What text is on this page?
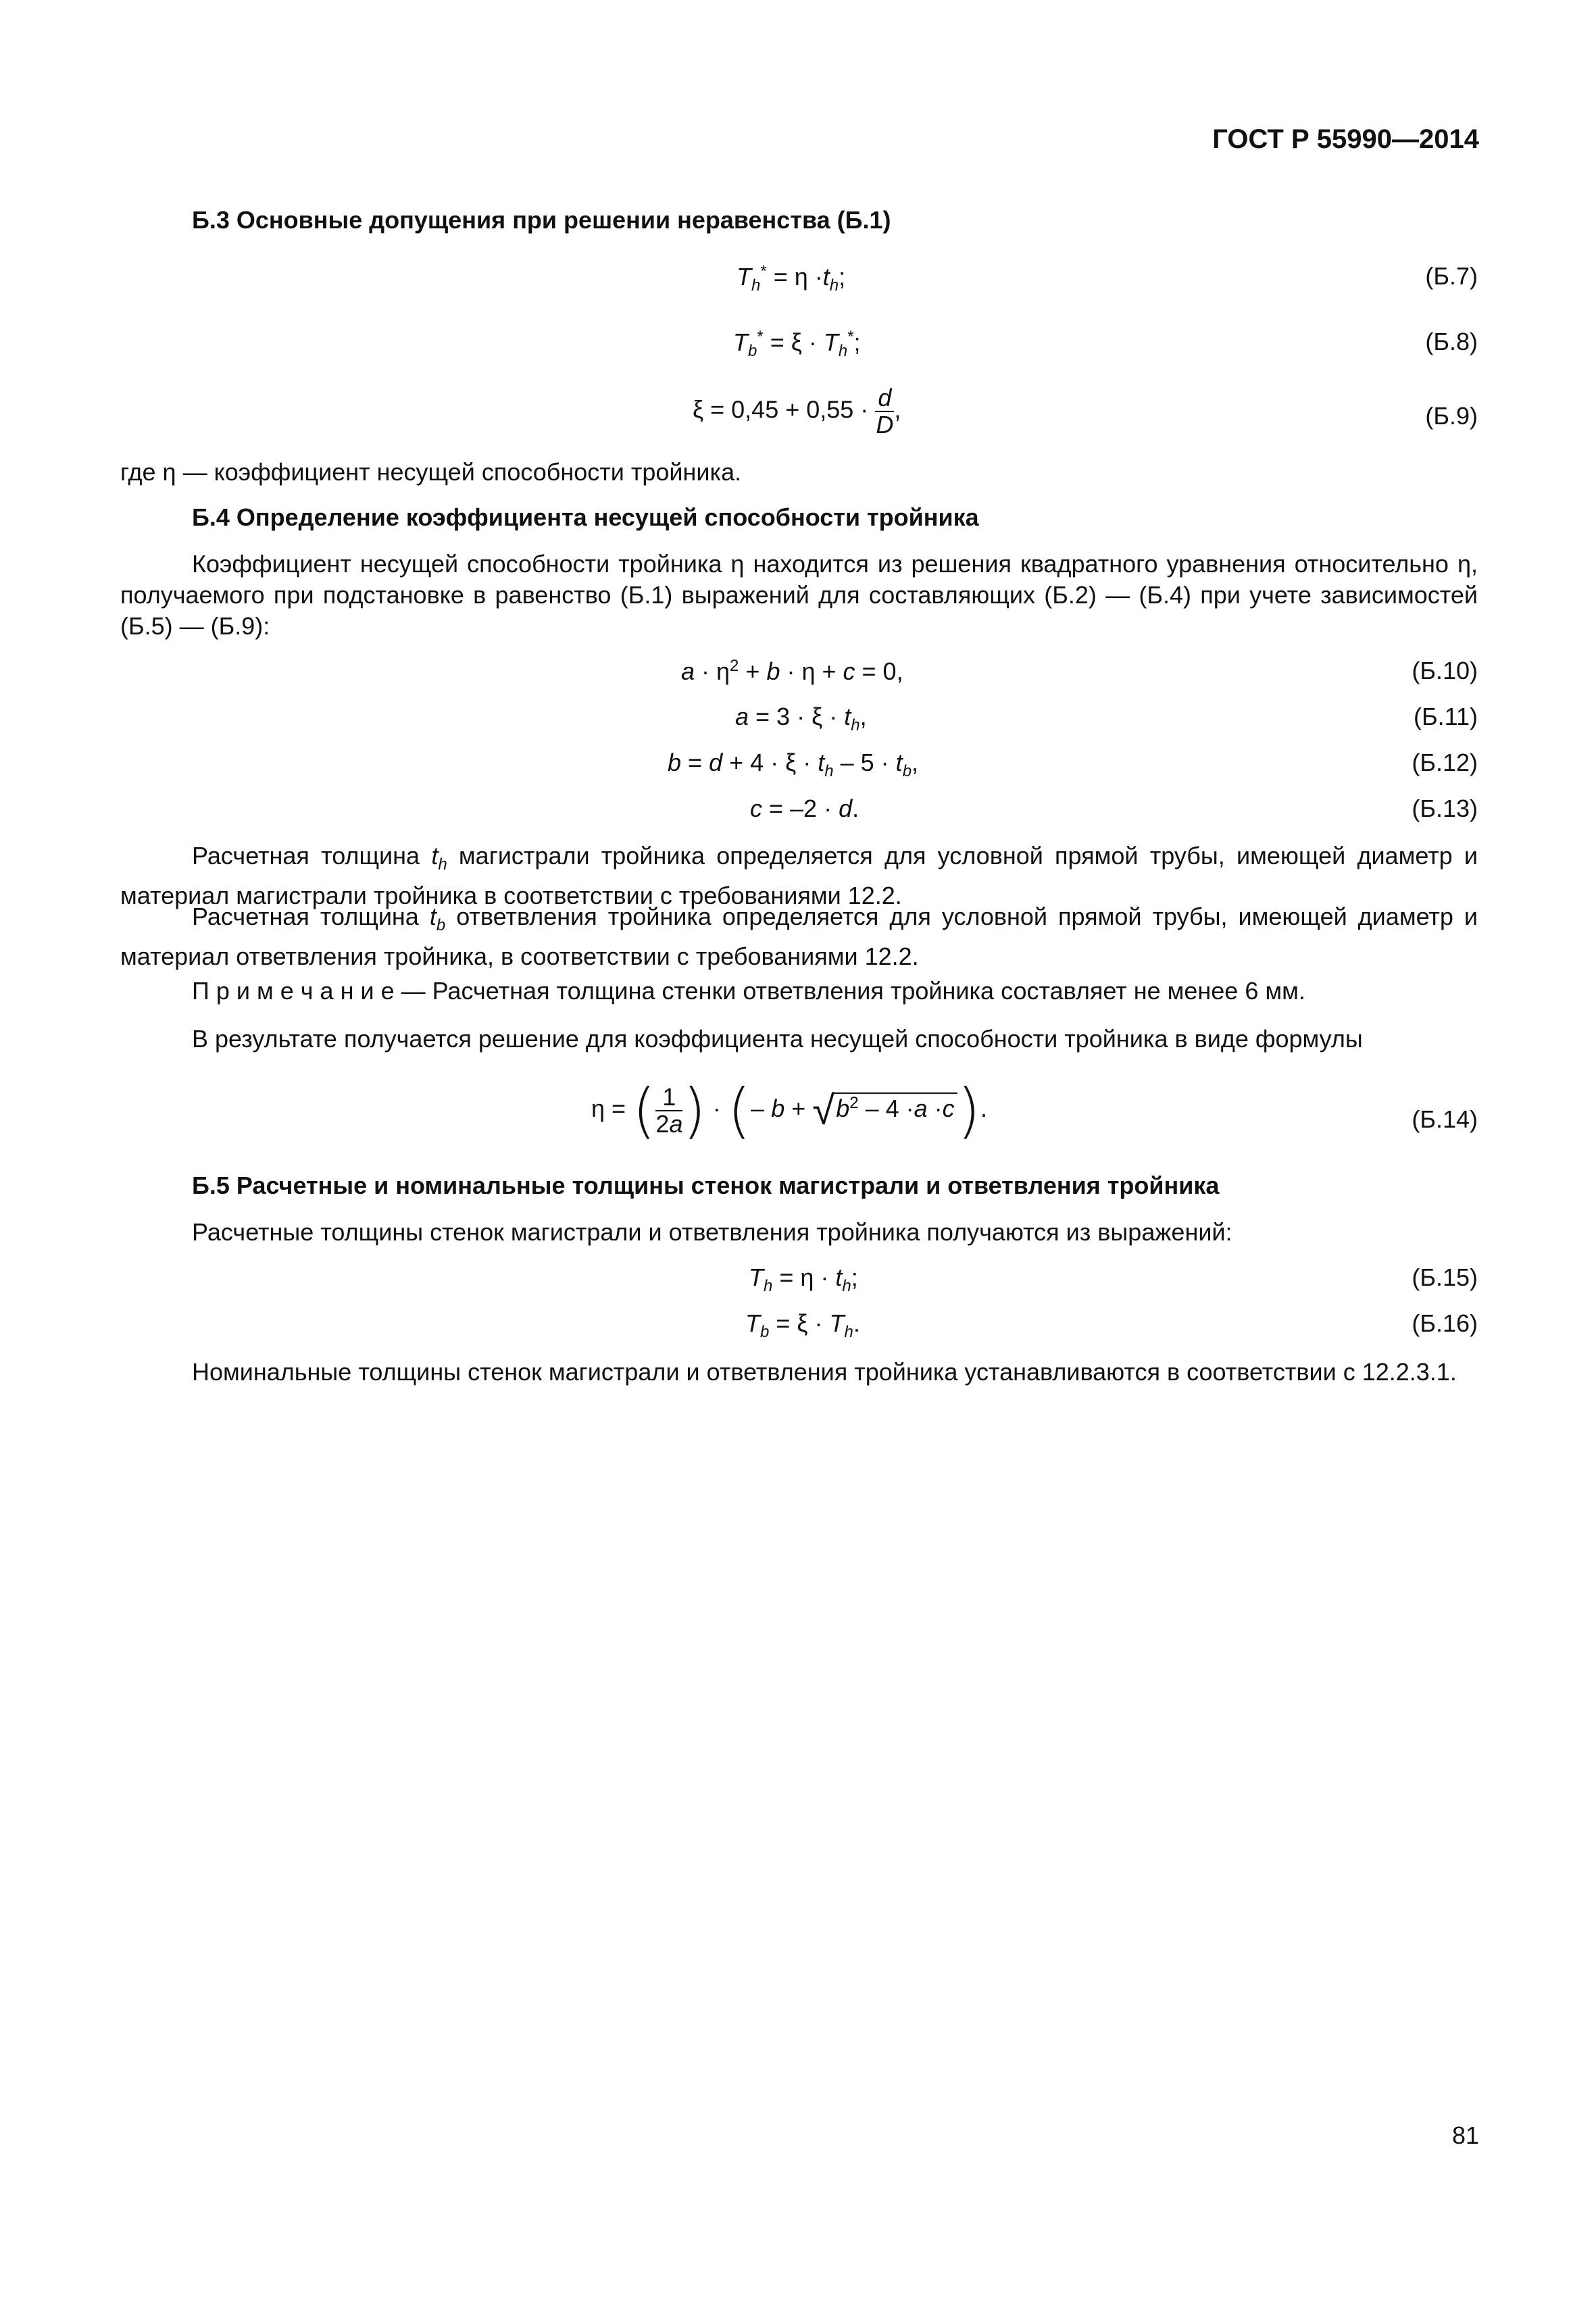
ГОСТ Р 55990—2014
Б.3 Основные допущения при решении неравенства (Б.1)
$T_h^* = \eta \cdot t_h$;	(Б.7)
$T_b^* = \xi \cdot T_h^*$;	(Б.8)
$\xi = 0,45 + 0,55 \cdot \frac{d}{D}$ ,	(Б.9)
где η — коэффициент несущей способности тройника.
Б.4 Определение коэффициента несущей способности тройника
Коэффициент несущей способности тройника η находится из решения квадратного уравнения относительно η, получаемого при подстановке в равенство (Б.1) выражений для составляющих (Б.2) — (Б.4) при учете зависимостей (Б.5) — (Б.9):
$a \cdot \eta^2 + b \cdot \eta + c = 0$,	(Б.10)
$a = 3 \cdot \xi \cdot t_h$,	(Б.11)
$b = d + 4 \cdot \xi \cdot t_h - 5 \cdot t_b$,	(Б.12)
c = –2 · d.	(Б.13)
Расчетная толщина $t_h$ магистрали тройника определяется для условной прямой трубы, имеющей диаметр и материал магистрали тройника в соответствии с требованиями 12.2.
Расчетная толщина $t_b$ ответвления тройника определяется для условной прямой трубы, имеющей диаметр и материал ответвления тройника, в соответствии с требованиями 12.2.
П р и м е ч а н и е — Расчетная толщина стенки ответвления тройника составляет не менее 6 мм.
В результате получается решение для коэффициента несущей способности тройника в виде формулы
η = ( $\frac{1}{2a}$ ) · (– $b + √b^2 - 4 \cdot a \cdot c$).	(Б.14)
Б.5 Расчетные и номинальные толщины стенок магистрали и ответвления тройника
Расчетные толщины стенок магистрали и ответвления тройника получаются из выражений:
$T_h = \eta \cdot t_h$;	(Б.15)
$T_b = \xi \cdot T_h$.	(Б.16)
Номинальные толщины стенок магистрали и ответвления тройника устанавливаются в соответствии с 12.2.3.1.
81
